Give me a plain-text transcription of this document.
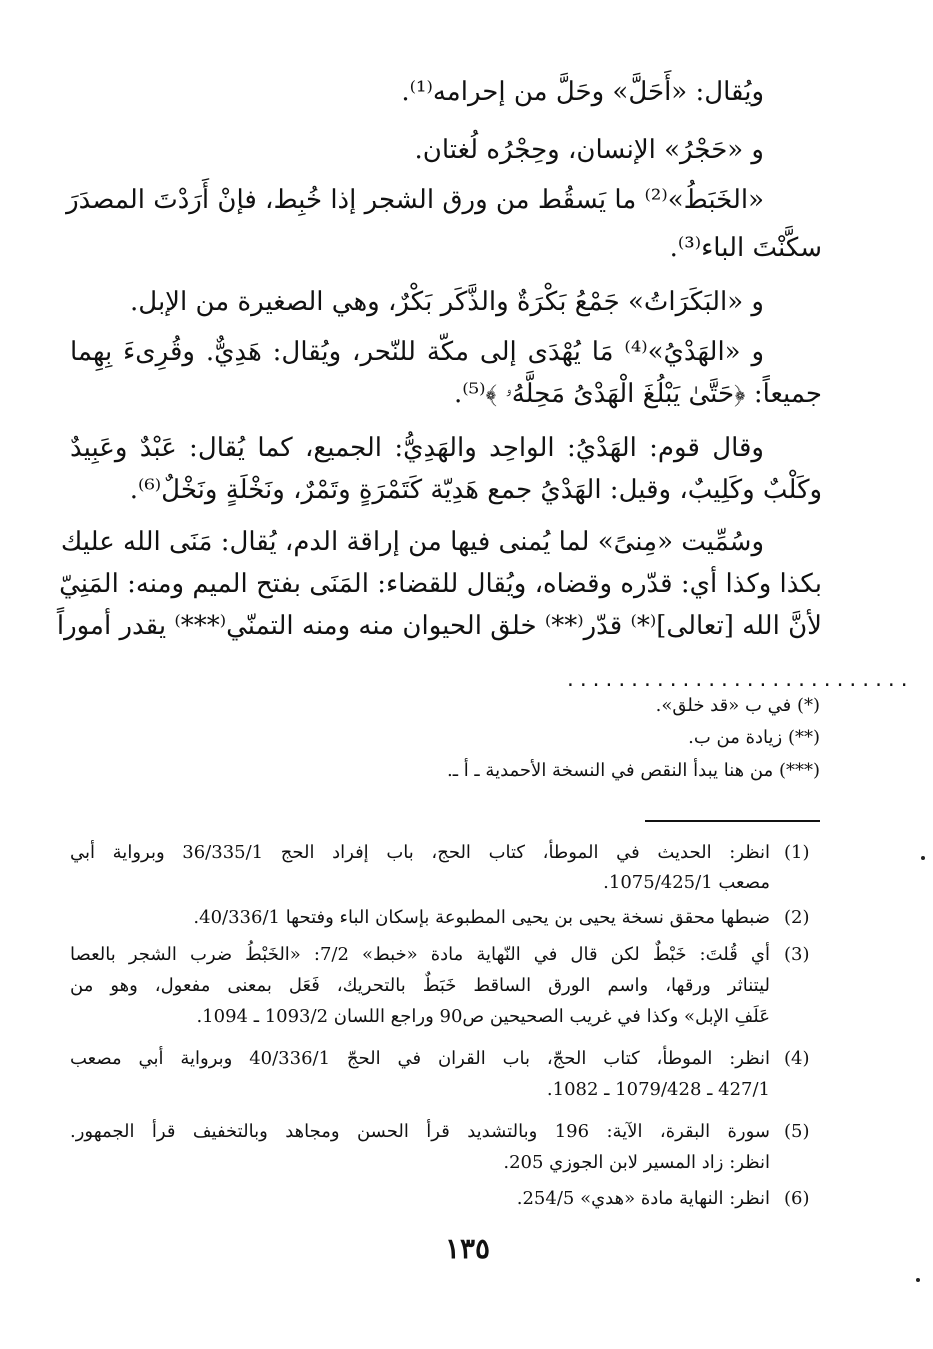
ويُقال: «أَحَلَّ» وحَلَّ من إحرامه⁽¹⁾.
و «حَجْرُ» الإنسان، وحِجْرُه لُغتان.
«الخَبَطُ»⁽²⁾ ما يَسقُط من ورق الشجر إذا خُبِط، فإنْ أَرَدْتَ المصدَرَ
سكَّنْتَ الباء⁽³⁾.
و «البَكَرَاتُ» جَمْعُ بَكْرَةٌ والذَّكَر بَكْرٌ، وهي الصغيرة من الإبل.
و «الهَدْيُ»⁽⁴⁾ مَا يُهْدَى إلى مكّة للنّحر، ويُقال: هَدِيٌّ. وقُرِىءَ بِهِما
جميعاً: ﴿حَتَّىٰ يَبْلُغَ الْهَدْىُ مَحِلَّهُۥ ﴾⁽⁵⁾.
وقال قوم: الهَدْيُ: الواحِد والهَدِيُّ: الجميع، كما يُقال: عَبْدٌ وعَبِيدٌ
وكَلْبٌ وكَلِيبٌ، وقيل: الهَدْيُ جمع هَدِيّة كَتَمْرَةٍ وتَمْرٌ، ونَخْلَةٍ ونَخْلٌ⁽⁶⁾.
وسُمِّيت «مِنىً» لما يُمنى فيها من إراقة الدم، يُقال: مَنَى الله عليك
بكذا وكذا أي: قدّره وقضاه، ويُقال للقضاء: المَنَى بفتح الميم ومنه: المَنِيّ
لأنَّ الله [تعالى]⁽*⁾ قدّر⁽**⁾ خلق الحيوان منه ومنه التمنّي⁽***⁾ يقدر أموراً
...........................
(*) في ب «قد خلق».
(**) زيادة من ب.
(***) من هنا يبدأ النقص في النسخة الأحمدية ـ أ ـ.
(1)
انظر: الحديث في الموطأ، كتاب الحج، باب إفراد الحج 36/335/1 وبرواية أبي
مصعب 1075/425/1.
(2)
ضبطها محقق نسخة يحيى بن يحيى المطبوعة بإسكان الباء وفتحها 40/336/1.
(3)
أي قُلتَ: خَبْطٌ لكن قال في النّهاية مادة «خبط» 7/2: «الخَبْطُ ضرب الشجر بالعصا
ليتناثر ورقها، واسم الورق الساقط خَبَطٌ بالتحريك، فَعَل بمعنى مفعول، وهو من
عَلَفِ الإبل» وكذا في غريب الصحيحين ص90 وراجع اللسان 1093/2 ـ 1094.
(4)
انظر: الموطأ، كتاب الحجّ، باب القران في الحجّ 40/336/1 وبرواية أبي مصعب
427/1 ـ 1079/428 ـ 1082.
(5)
سورة البقرة، الآية: 196 وبالتشديد قرأ الحسن ومجاهد وبالتخفيف قرأ الجمهور.
انظر: زاد المسير لابن الجوزي 205.
(6)
انظر: النهاية مادة «هدي» 254/5.
١٣٥
